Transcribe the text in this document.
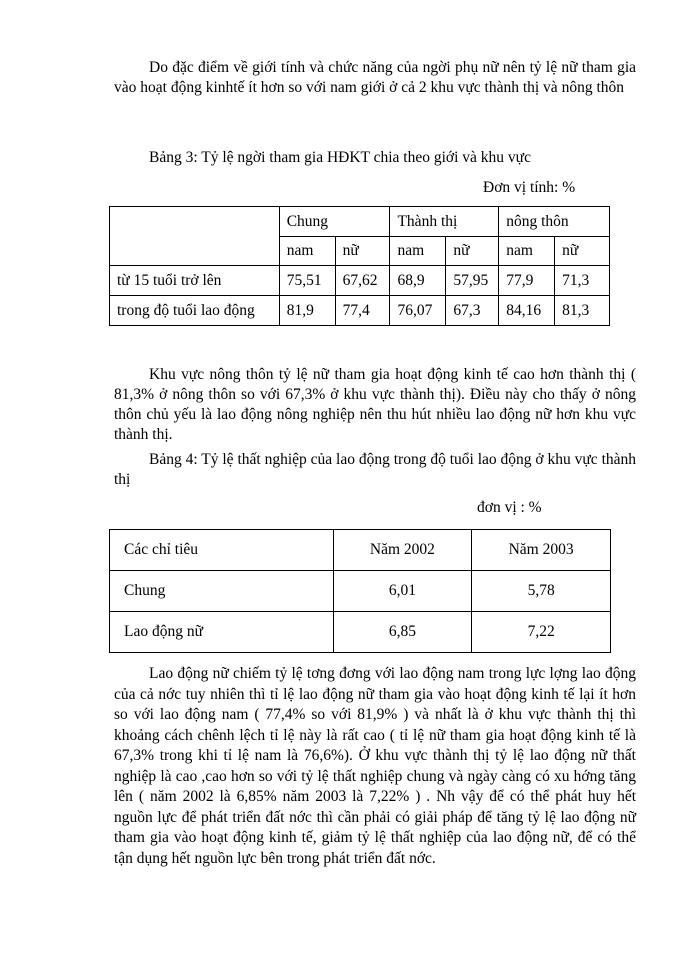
Do đặc điểm về giới tính và chức năng của ngời phụ nữ nên tỷ lệ nữ tham gia vào hoạt động kinhtế ít hơn so với nam giới ở cả 2 khu vực thành thị và nông thôn

Bảng 3: Tỷ lệ ngời tham gia HĐKT chia theo giới và khu vực

Đơn vị tính: %

	Chung		Thành thị		nông thôn	
	nam	nữ	nam	nữ	nam	nữ
từ 15 tuổi trở lên	75,51	67,62	68,9	57,95	77,9	71,3
trong độ tuổi lao động	81,9	77,4	76,07	67,3	84,16	81,3

Khu vực nông thôn tỷ lệ nữ tham gia hoạt động kinh tế cao hơn thành thị ( 81,3% ở nông thôn so với 67,3% ở khu vực thành thị). Điều này cho thấy ở nông thôn chủ yếu là lao động nông nghiệp nên thu hút nhiều lao động nữ hơn khu vực thành thị.

Bảng 4: Tỷ lệ thất nghiệp của lao động trong độ tuổi lao động ở khu vực thành thị

đơn vị : %

Các chỉ tiêu	Năm 2002	Năm 2003
Chung	6,01	5,78
Lao động nữ	6,85	7,22

Lao động nữ chiếm tỷ lệ tơng đơng với lao động nam trong lực lợng lao động của cả nớc tuy nhiên thì tỉ lệ lao động nữ tham gia vào hoạt động kinh tế lại ít hơn so với lao động nam ( 77,4% so với 81,9% ) và nhất là ở khu vực thành thị thì khoảng cách chênh lệch tỉ lệ này là rất cao ( tỉ lệ nữ tham gia hoạt động kinh tế là 67,3% trong khi tỉ lệ nam là 76,6%). Ở khu vực thành thị tỷ lệ lao động nữ thất nghiệp là cao ,cao hơn so với tỷ lệ thất nghiệp chung và ngày càng có xu hớng tăng lên ( năm 2002 là 6,85% năm 2003 là 7,22% ) . Nh vậy để có thể phát huy hết nguồn lực để phát triển đất nớc thì cần phải có giải pháp để tăng tỷ lệ lao động nữ tham gia vào hoạt động kinh tế, giảm tỷ lệ thất nghiệp của lao động nữ, để có thể tận dụng hết nguồn lực bên trong phát triển đất nớc.
